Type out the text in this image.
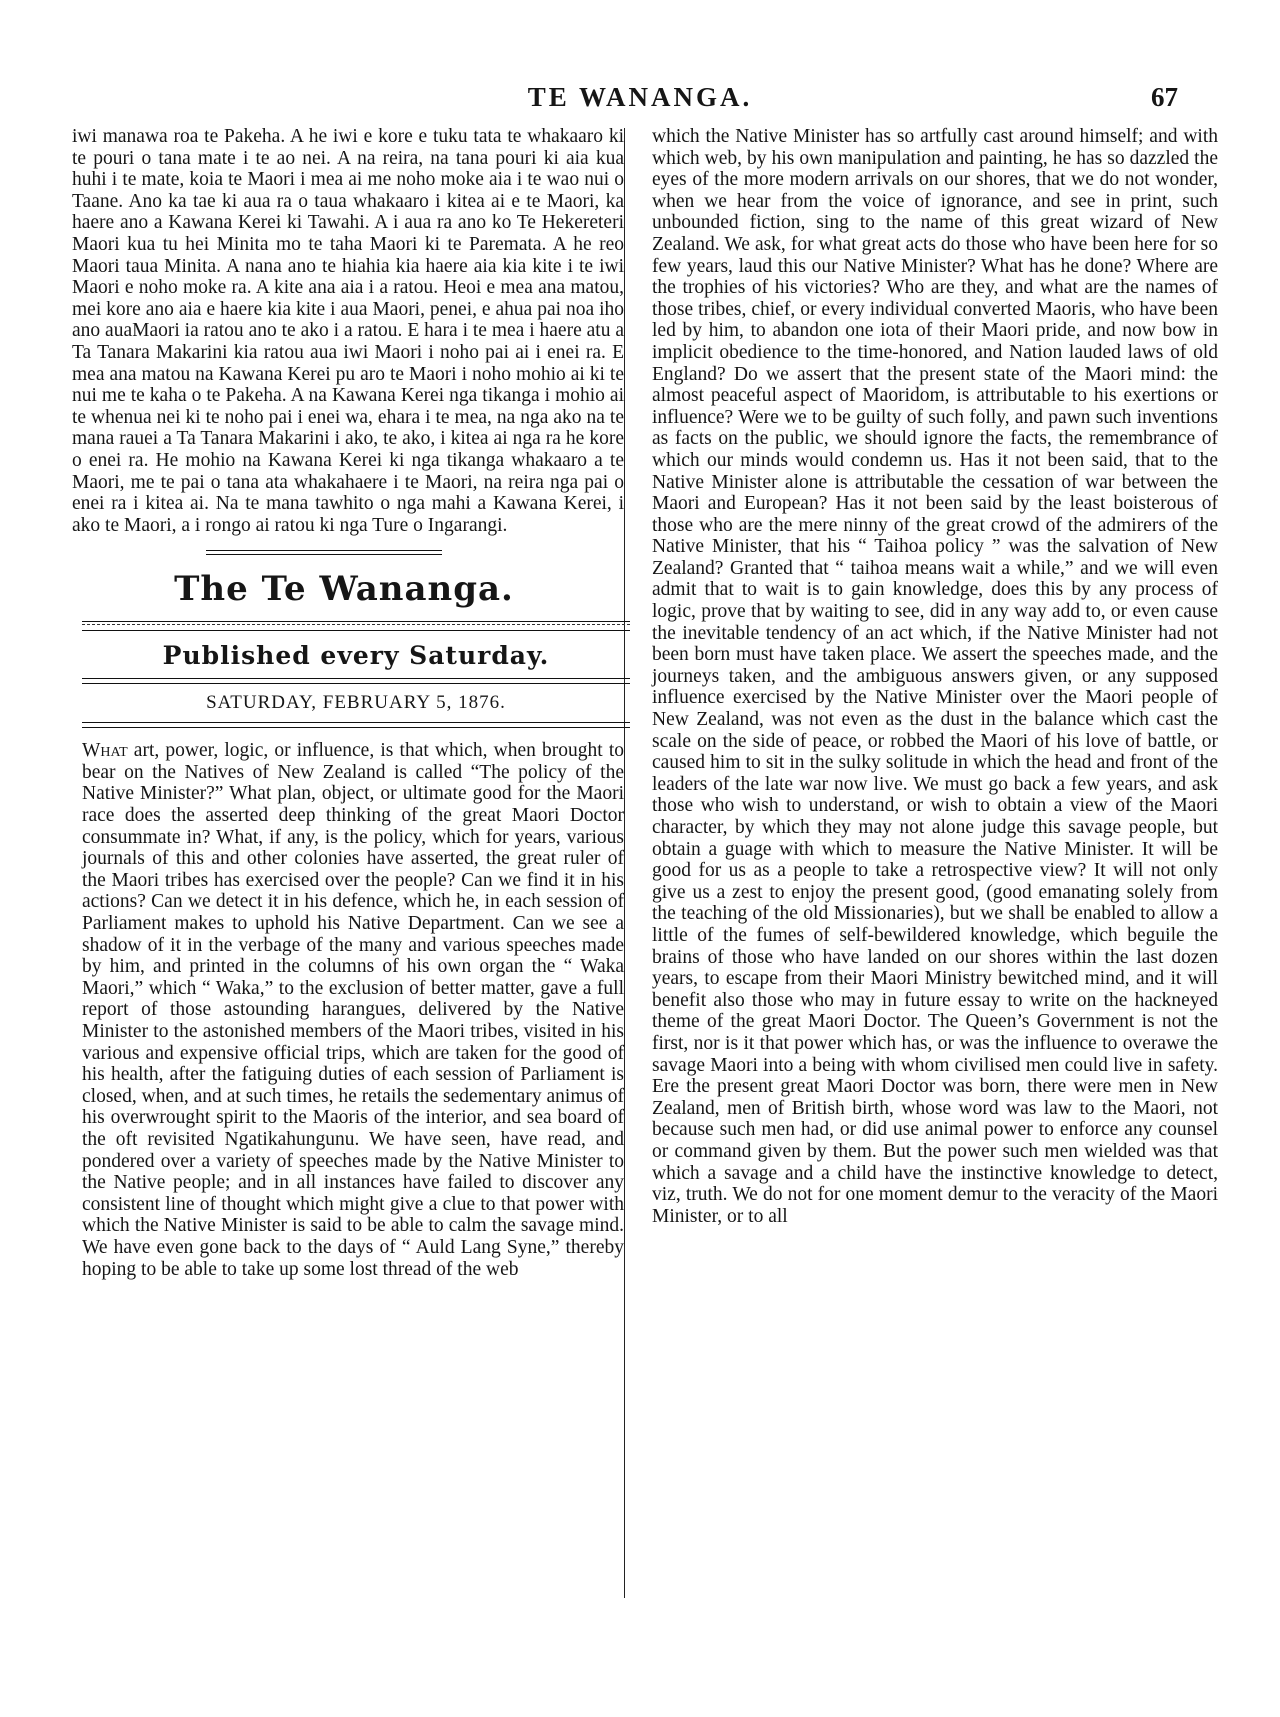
TE WANANGA.	67

iwi manawa roa te Pakeha. A he iwi e kore e tuku tata te whakaaro ki te pouri o tana mate i te ao nei. A na reira, na tana pouri ki aia kua huhi i te mate, koia te Maori i mea ai me noho moke aia i te wao nui o Taane. Ano ka tae ki aua ra o taua whakaaro i kitea ai e te Maori, ka haere ano a Kawana Kerei ki Tawahi. A i aua ra ano ko Te Hekereteri Maori kua tu hei Minita mo te taha Maori ki te Paremata. A he reo Maori taua Minita. A nana ano te hiahia kia haere aia kia kite i te iwi Maori e noho moke ra. A kite ana aia i a ratou. Heoi e mea ana matou, mei kore ano aia e haere kia kite i aua Maori, penei, e ahua pai noa iho ano auaMaori ia ratou ano te ako i a ratou. E hara i te mea i haere atu a Ta Tanara Makarini kia ratou aua iwi Maori i noho pai ai i enei ra. E mea ana matou na Kawana Kerei pu aro te Maori i noho mohio ai ki te nui me te kaha o te Pakeha. A na Kawana Kerei nga tikanga i mohio ai te whenua nei ki te noho pai i enei wa, ehara i te mea, na nga ako na te mana rauei a Ta Tanara Makarini i ako, te ako, i kitea ai nga ra he kore o enei ra. He mohio na Kawana Kerei ki nga tikanga whakaaro a te Maori, me te pai o tana ata whakahaere i te Maori, na reira nga pai o enei ra i kitea ai. Na te mana tawhito o nga mahi a Kawana Kerei, i ako te Maori, a i rongo ai ratou ki nga Ture o Ingarangi.

The Te Wananga.
Published every Saturday.
SATURDAY, FEBRUARY 5, 1876.

What art, power, logic, or influence, is that which, when brought to bear on the Natives of New Zealand is called “The policy of the Native Minister?” What plan, object, or ultimate good for the Maori race does the asserted deep thinking of the great Maori Doctor consummate in? What, if any, is the policy, which for years, various journals of this and other colonies have asserted, the great ruler of the Maori tribes has exercised over the people? Can we find it in his actions? Can we detect it in his defence, which he, in each session of Parliament makes to uphold his Native Department. Can we see a shadow of it in the verbage of the many and various speeches made by him, and printed in the columns of his own organ the “ Waka Maori,” which “ Waka,” to the exclusion of better matter, gave a full report of those astounding harangues, delivered by the Native Minister to the astonished members of the Maori tribes, visited in his various and expensive official trips, which are taken for the good of his health, after the fatiguing duties of each session of Parliament is closed, when, and at such times, he retails the sedementary animus of his overwrought spirit to the Maoris of the interior, and sea board of the oft revisited Ngatikahungunu. We have seen, have read, and pondered over a variety of speeches made by the Native Minister to the Native people; and in all instances have failed to discover any consistent line of thought which might give a clue to that power with which the Native Minister is said to be able to calm the savage mind. We have even gone back to the days of “ Auld Lang Syne,” thereby hoping to be able to take up some lost thread of the web

which the Native Minister has so artfully cast around himself; and with which web, by his own manipulation and painting, he has so dazzled the eyes of the more modern arrivals on our shores, that we do not wonder, when we hear from the voice of ignorance, and see in print, such unbounded fiction, sing to the name of this great wizard of New Zealand. We ask, for what great acts do those who have been here for so few years, laud this our Native Minister? What has he done? Where are the trophies of his victories? Who are they, and what are the names of those tribes, chief, or every individual converted Maoris, who have been led by him, to abandon one iota of their Maori pride, and now bow in implicit obedience to the time-honored, and Nation lauded laws of old England? Do we assert that the present state of the Maori mind: the almost peaceful aspect of Maoridom, is attributable to his exertions or influence? Were we to be guilty of such folly, and pawn such inventions as facts on the public, we should ignore the facts, the remembrance of which our minds would condemn us. Has it not been said, that to the Native Minister alone is attributable the cessation of war between the Maori and European? Has it not been said by the least boisterous of those who are the mere ninny of the great crowd of the admirers of the Native Minister, that his “ Taihoa policy ” was the salvation of New Zealand? Granted that “ taihoa means wait a while,” and we will even admit that to wait is to gain knowledge, does this by any process of logic, prove that by waiting to see, did in any way add to, or even cause the inevitable tendency of an act which, if the Native Minister had not been born must have taken place. We assert the speeches made, and the journeys taken, and the ambiguous answers given, or any supposed influence exercised by the Native Minister over the Maori people of New Zealand, was not even as the dust in the balance which cast the scale on the side of peace, or robbed the Maori of his love of battle, or caused him to sit in the sulky solitude in which the head and front of the leaders of the late war now live. We must go back a few years, and ask those who wish to understand, or wish to obtain a view of the Maori character, by which they may not alone judge this savage people, but obtain a guage with which to measure the Native Minister. It will be good for us as a people to take a retrospective view? It will not only give us a zest to enjoy the present good, (good emanating solely from the teaching of the old Missionaries), but we shall be enabled to allow a little of the fumes of self-bewildered knowledge, which beguile the brains of those who have landed on our shores within the last dozen years, to escape from their Maori Ministry bewitched mind, and it will benefit also those who may in future essay to write on the hackneyed theme of the great Maori Doctor. The Queen’s Government is not the first, nor is it that power which has, or was the influence to overawe the savage Maori into a being with whom civilised men could live in safety. Ere the present great Maori Doctor was born, there were men in New Zealand, men of British birth, whose word was law to the Maori, not because such men had, or did use animal power to enforce any counsel or command given by them. But the power such men wielded was that which a savage and a child have the instinctive knowledge to detect, viz, truth. We do not for one moment demur to the veracity of the Maori Minister, or to all
